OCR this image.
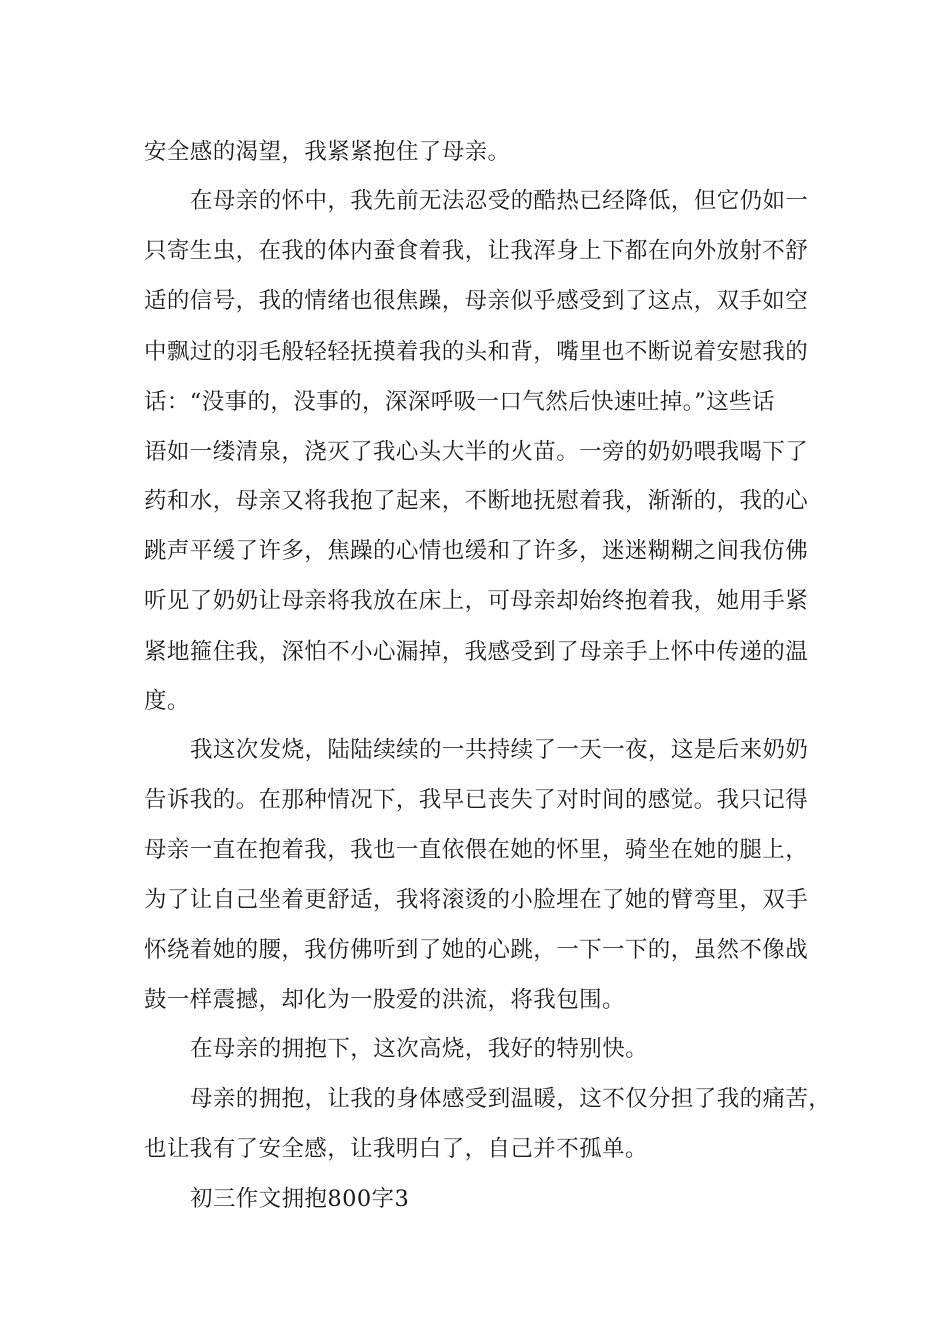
安全感的渴望，我紧紧抱住了母亲。
在母亲的怀中，我先前无法忍受的酷热已经降低，但它仍如一
只寄生虫，在我的体内蚕食着我，让我浑身上下都在向外放射不舒
适的信号，我的情绪也很焦躁，母亲似乎感受到了这点，双手如空
中飘过的羽毛般轻轻抚摸着我的头和背，嘴里也不断说着安慰我的
话：“没事的，没事的，深深呼吸一口气然后快速吐掉。”这些话
语如一缕清泉，浇灭了我心头大半的火苗。一旁的奶奶喂我喝下了
药和水，母亲又将我抱了起来，不断地抚慰着我，渐渐的，我的心
跳声平缓了许多，焦躁的心情也缓和了许多，迷迷糊糊之间我仿佛
听见了奶奶让母亲将我放在床上，可母亲却始终抱着我，她用手紧
紧地箍住我，深怕不小心漏掉，我感受到了母亲手上怀中传递的温
度。
我这次发烧，陆陆续续的一共持续了一天一夜，这是后来奶奶
告诉我的。在那种情况下，我早已丧失了对时间的感觉。我只记得
母亲一直在抱着我，我也一直依偎在她的怀里，骑坐在她的腿上，
为了让自己坐着更舒适，我将滚烫的小脸埋在了她的臂弯里，双手
怀绕着她的腰，我仿佛听到了她的心跳，一下一下的，虽然不像战
鼓一样震撼，却化为一股爱的洪流，将我包围。
在母亲的拥抱下，这次高烧，我好的特别快。
母亲的拥抱，让我的身体感受到温暖，这不仅分担了我的痛苦，
也让我有了安全感，让我明白了，自己并不孤单。
初三作文拥抱800字3
